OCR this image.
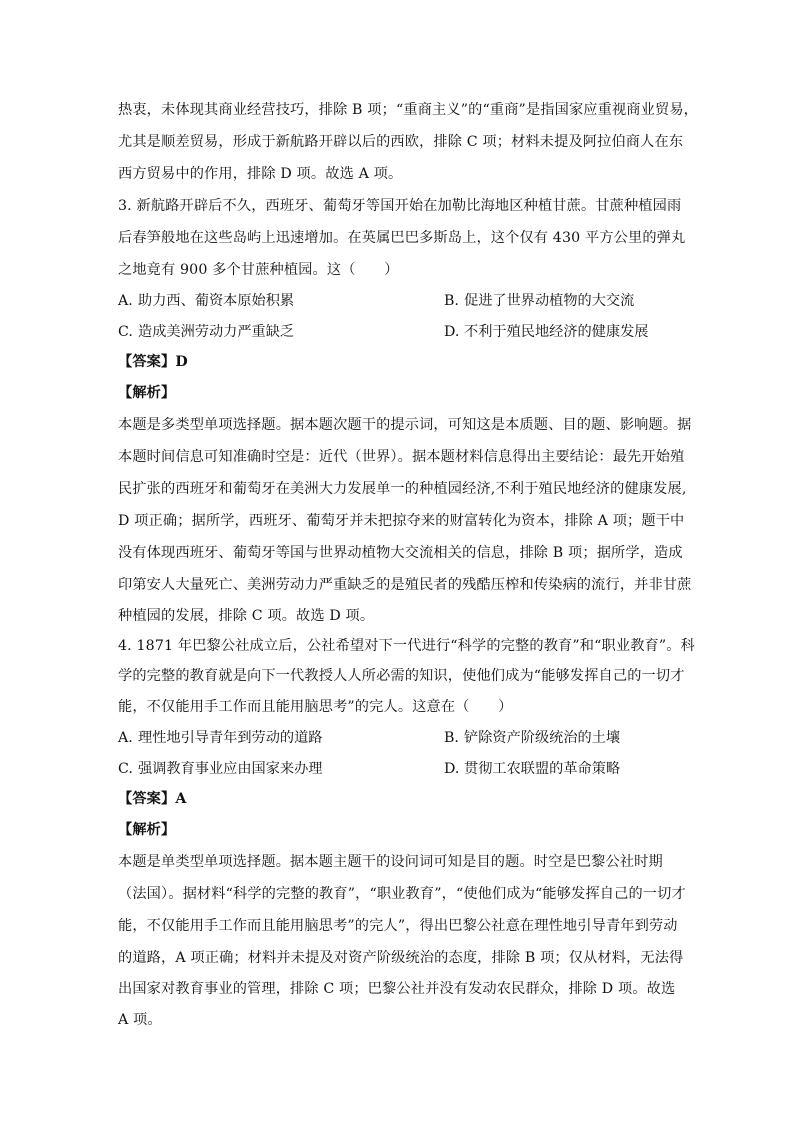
热衷，未体现其商业经营技巧，排除 B 项；“重商主义”的“重商”是指国家应重视商业贸易，
尤其是顺差贸易，形成于新航路开辟以后的西欧，排除 C 项；材料未提及阿拉伯商人在东
西方贸易中的作用，排除 D 项。故选 A 项。
3. 新航路开辟后不久，西班牙、葡萄牙等国开始在加勒比海地区种植甘蔗。甘蔗种植园雨
后春笋般地在这些岛屿上迅速增加。在英属巴巴多斯岛上，这个仅有 430 平方公里的弹丸
之地竟有 900 多个甘蔗种植园。这（　　）
A. 助力西、葡资本原始积累	B. 促进了世界动植物的大交流
C. 造成美洲劳动力严重缺乏	D. 不利于殖民地经济的健康发展
【答案】D
【解析】
本题是多类型单项选择题。据本题次题干的提示词，可知这是本质题、目的题、影响题。据
本题时间信息可知准确时空是：近代（世界）。据本题材料信息得出主要结论：最先开始殖
民扩张的西班牙和葡萄牙在美洲大力发展单一的种植园经济,不利于殖民地经济的健康发展,
D 项正确；据所学，西班牙、葡萄牙并未把掠夺来的财富转化为资本，排除 A 项；题干中
没有体现西班牙、葡萄牙等国与世界动植物大交流相关的信息，排除 B 项；据所学，造成
印第安人大量死亡、美洲劳动力严重缺乏的是殖民者的残酷压榨和传染病的流行，并非甘蔗
种植园的发展，排除 C 项。故选 D 项。
4. 1871 年巴黎公社成立后，公社希望对下一代进行“科学的完整的教育”和“职业教育”。科
学的完整的教育就是向下一代教授人人所必需的知识，使他们成为“能够发挥自己的一切才
能，不仅能用手工作而且能用脑思考”的完人。这意在（　　）
A. 理性地引导青年到劳动的道路	B. 铲除资产阶级统治的土壤
C. 强调教育事业应由国家来办理	D. 贯彻工农联盟的革命策略
【答案】A
【解析】
本题是单类型单项选择题。据本题主题干的设问词可知是目的题。时空是巴黎公社时期
（法国）。据材料“科学的完整的教育”，“职业教育”，“使他们成为“能够发挥自己的一切才
能，不仅能用手工作而且能用脑思考”的完人”，得出巴黎公社意在理性地引导青年到劳动
的道路，A 项正确；材料并未提及对资产阶级统治的态度，排除 B 项；仅从材料，无法得
出国家对教育事业的管理，排除 C 项；巴黎公社并没有发动农民群众，排除 D 项。故选
A 项。
